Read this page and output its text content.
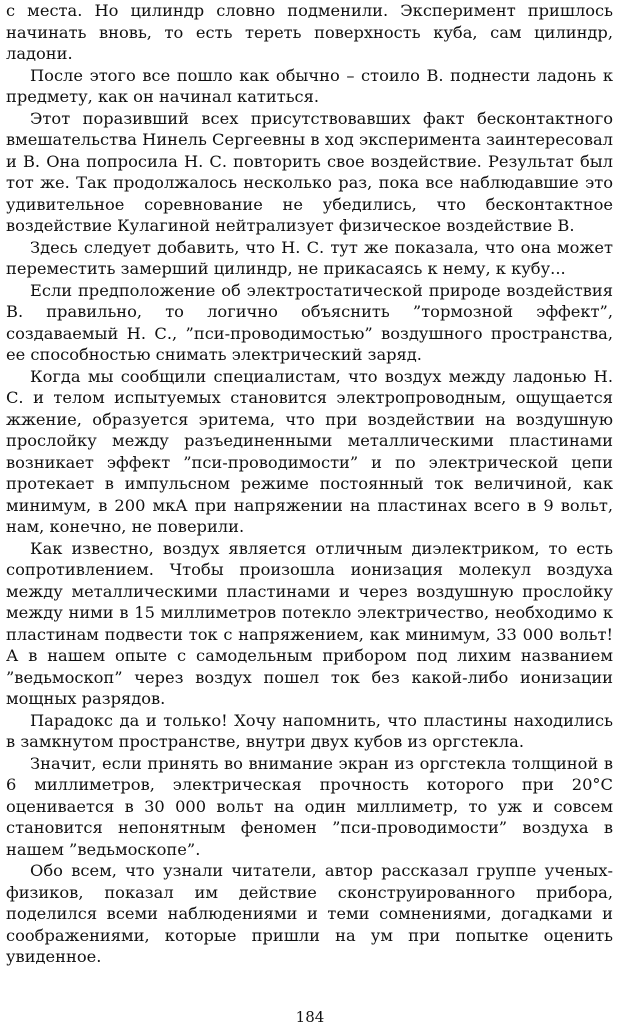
с места. Но цилиндр словно подменили. Эксперимент пришлось начинать вновь, то есть тереть поверхность куба, сам цилиндр, ладони.

После этого все пошло как обычно – стоило В. поднести ладонь к предмету, как он начинал катиться.

Этот поразивший всех присутствовавших факт бесконтактного вмешательства Нинель Сергеевны в ход эксперимента заинтересовал и В. Она попросила Н. С. повторить свое воздействие. Результат был тот же. Так продолжалось несколько раз, пока все наблюдавшие это удивительное соревнование не убедились, что бесконтактное воздействие Кулагиной нейтрализует физическое воздействие В.

Здесь следует добавить, что Н. С. тут же показала, что она может переместить замерший цилиндр, не прикасаясь к нему, к кубу...

Если предположение об электростатической природе воздействия В. правильно, то логично объяснить ”тормозной эффект”, создаваемый Н. С., ”пси-проводимостью” воздушного пространства, ее способностью снимать электрический заряд.

Когда мы сообщили специалистам, что воздух между ладонью Н. С. и телом испытуемых становится электропроводным, ощущается жжение, образуется эритема, что при воздействии на воздушную прослойку между разъединенными металлическими пластинами возникает эффект ”пси-проводимости” и по электрической цепи протекает в импульсном режиме постоянный ток величиной, как минимум, в 200 мкА при напряжении на пластинах всего в 9 вольт, нам, конечно, не поверили.

Как известно, воздух является отличным диэлектриком, то есть сопротивлением. Чтобы произошла ионизация молекул воздуха между металлическими пластинами и через воздушную прослойку между ними в 15 миллиметров потекло электричество, необходимо к пластинам подвести ток с напряжением, как минимум, 33 000 вольт! А в нашем опыте с самодельным прибором под лихим названием ”ведьмоскоп” через воздух пошел ток без какой-либо ионизации мощных разрядов.

Парадокс да и только! Хочу напомнить, что пластины находились в замкнутом пространстве, внутри двух кубов из оргстекла.

Значит, если принять во внимание экран из оргстекла толщиной в 6 миллиметров, электрическая прочность которого при 20°С оценивается в 30 000 вольт на один миллиметр, то уж и совсем становится непонятным феномен ”пси-проводимости” воздуха в нашем ”ведьмоскопе”.

Обо всем, что узнали читатели, автор рассказал группе ученых-физиков, показал им действие сконструированного прибора, поделился всеми наблюдениями и теми сомнениями, догадками и соображениями, которые пришли на ум при попытке оценить увиденное.

184
